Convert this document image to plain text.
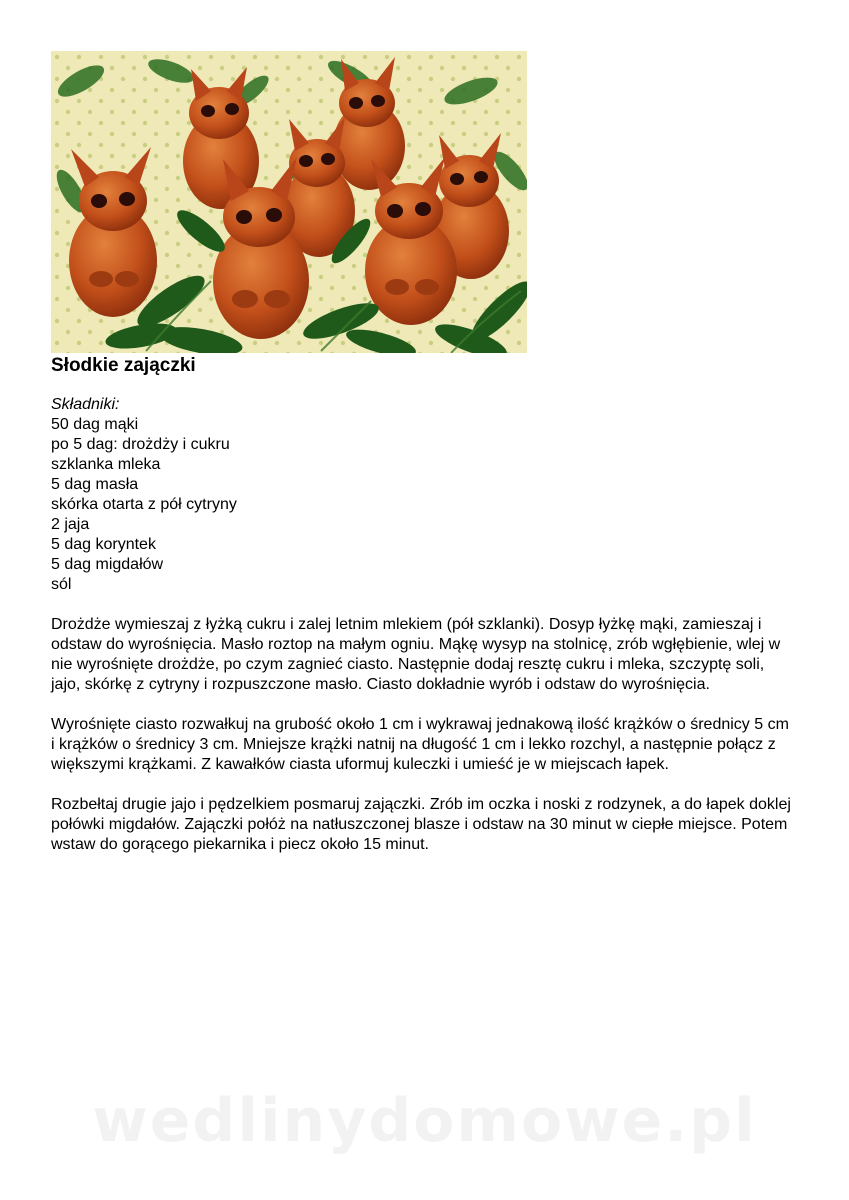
Słodkie zajączki
Składniki:
50 dag mąki
po 5 dag: drożdży i cukru
szklanka mleka
5 dag masła
skórka otarta z pół cytryny
2 jaja
5 dag koryntek
5 dag migdałów
sól

Drożdże wymieszaj z łyżką cukru i zalej letnim mlekiem (pół szklanki). Dosyp łyżkę mąki, zamieszaj i odstaw do wyrośnięcia. Masło roztop na małym ogniu. Mąkę wysyp na stolnicę, zrób wgłębienie, wlej w nie wyrośnięte drożdże, po czym zagnieć ciasto. Następnie dodaj resztę cukru i mleka, szczyptę soli, jajo, skórkę z cytryny i rozpuszczone masło. Ciasto dokładnie wyrób i odstaw do wyrośnięcia.

Wyrośnięte ciasto rozwałkuj na grubość około 1 cm i wykrawaj jednakową ilość krążków o średnicy 5 cm i krążków o średnicy 3 cm. Mniejsze krążki natnij na długość 1 cm i lekko rozchyl, a następnie połącz z większymi krążkami. Z kawałków ciasta uformuj kuleczki i umieść je w miejscach łapek.

Rozbełtaj drugie jajo i pędzelkiem posmaruj zajączki. Zrób im oczka i noski z rodzynek, a do łapek doklej połówki migdałów. Zajączki połóż na natłuszczonej blasze i odstaw na 30 minut w ciepłe miejsce. Potem wstaw do gorącego piekarnika i piecz około 15 minut.

wedlinydomowe.pl
